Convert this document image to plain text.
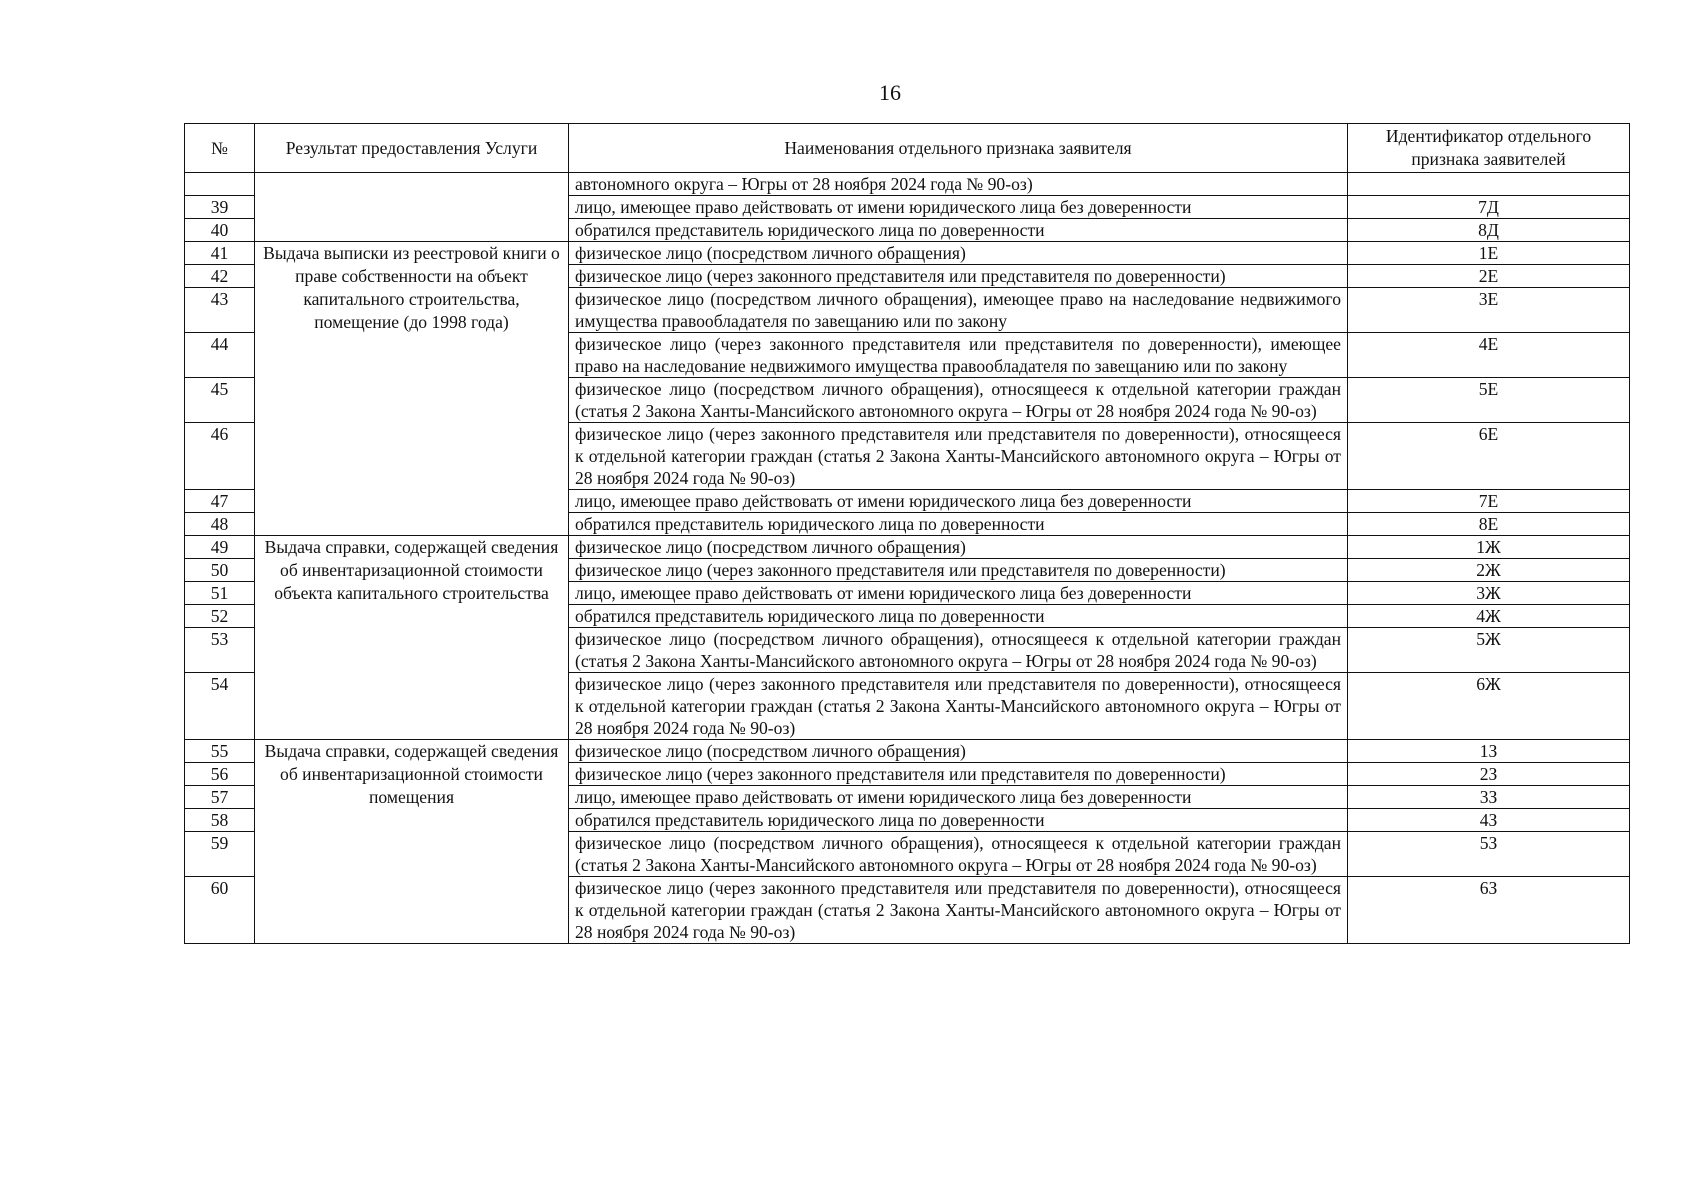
16
№	Результат предоставления Услуги	Наименования отдельного признака заявителя	Идентификатор отдельного признака заявителей
		автономного округа – Югры от 28 ноября 2024 года № 90-оз)	
39		лицо, имеющее право действовать от имени юридического лица без доверенности	7Д
40		обратился представитель юридического лица по доверенности	8Д
41	Выдача выписки из реестровой книги о праве собственности на объект капитального строительства, помещение (до 1998 года)	физическое лицо (посредством личного обращения)	1Е
42		физическое лицо (через законного представителя или представителя по доверенности)	2Е
43		физическое лицо (посредством личного обращения), имеющее право на наследование недвижимого имущества правообладателя по завещанию или по закону	3Е
44		физическое лицо (через законного представителя или представителя по доверенности), имеющее право на наследование недвижимого имущества правообладателя по завещанию или по закону	4Е
45		физическое лицо (посредством личного обращения), относящееся к отдельной категории граждан (статья 2 Закона Ханты-Мансийского автономного округа – Югры от 28 ноября 2024 года № 90-оз)	5Е
46		физическое лицо (через законного представителя или представителя по доверенности), относящееся к отдельной категории граждан (статья 2 Закона Ханты-Мансийского автономного округа – Югры от 28 ноября 2024 года № 90-оз)	6Е
47		лицо, имеющее право действовать от имени юридического лица без доверенности	7Е
48		обратился представитель юридического лица по доверенности	8Е
49	Выдача справки, содержащей сведения об инвентаризационной стоимости объекта капитального строительства	физическое лицо (посредством личного обращения)	1Ж
50		физическое лицо (через законного представителя или представителя по доверенности)	2Ж
51		лицо, имеющее право действовать от имени юридического лица без доверенности	3Ж
52		обратился представитель юридического лица по доверенности	4Ж
53		физическое лицо (посредством личного обращения), относящееся к отдельной категории граждан (статья 2 Закона Ханты-Мансийского автономного округа – Югры от 28 ноября 2024 года № 90-оз)	5Ж
54		физическое лицо (через законного представителя или представителя по доверенности), относящееся к отдельной категории граждан (статья 2 Закона Ханты-Мансийского автономного округа – Югры от 28 ноября 2024 года № 90-оз)	6Ж
55	Выдача справки, содержащей сведения об инвентаризационной стоимости помещения	физическое лицо (посредством личного обращения)	1З
56		физическое лицо (через законного представителя или представителя по доверенности)	2З
57		лицо, имеющее право действовать от имени юридического лица без доверенности	3З
58		обратился представитель юридического лица по доверенности	4З
59		физическое лицо (посредством личного обращения), относящееся к отдельной категории граждан (статья 2 Закона Ханты-Мансийского автономного округа – Югры от 28 ноября 2024 года № 90-оз)	5З
60		физическое лицо (через законного представителя или представителя по доверенности), относящееся к отдельной категории граждан (статья 2 Закона Ханты-Мансийского автономного округа – Югры от 28 ноября 2024 года № 90-оз)	6З
